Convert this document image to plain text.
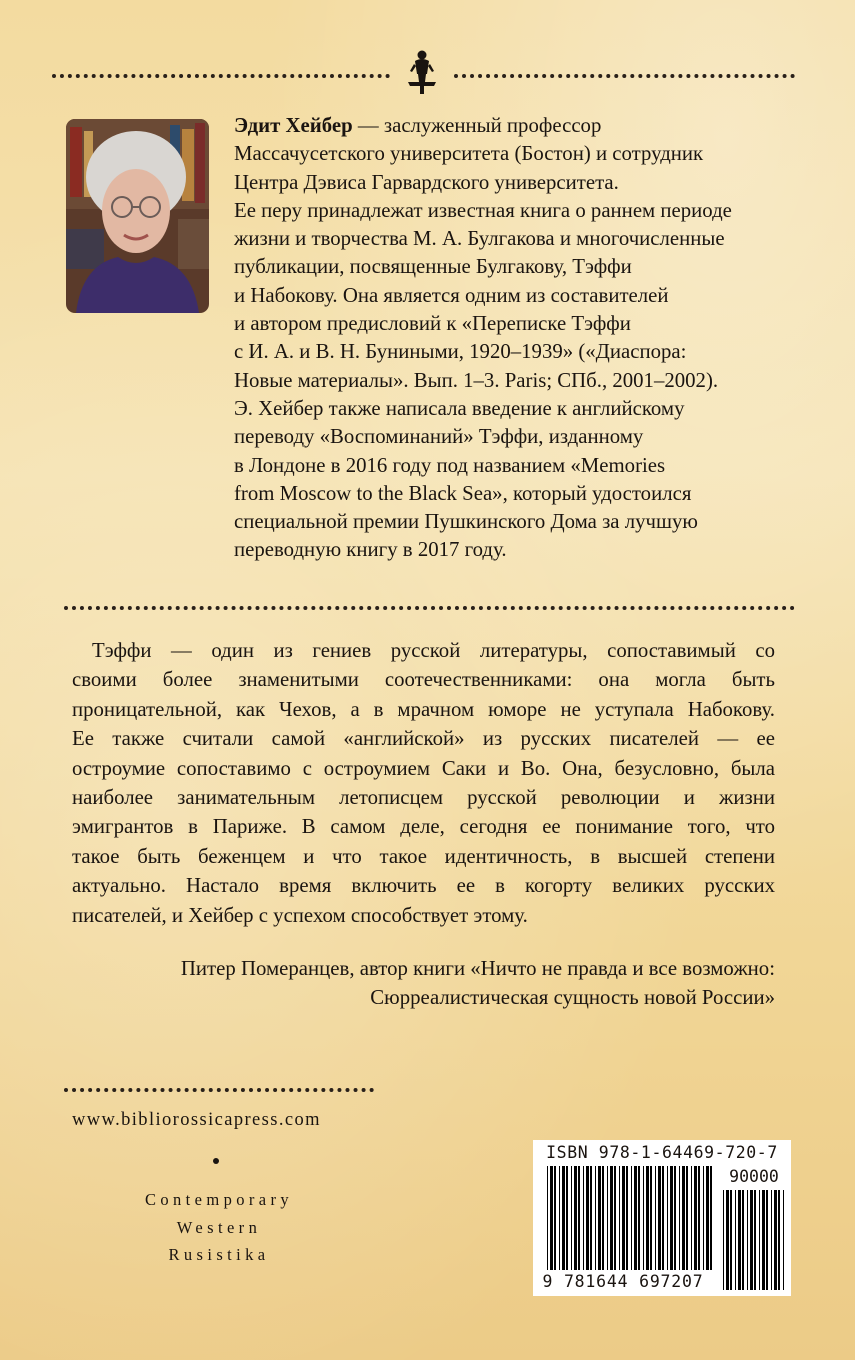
Эдит Хейбер — заслуженный профессор
Массачусетского университета (Бостон) и сотрудник
Центра Дэвиса Гарвардского университета.
Ее перу принадлежат известная книга о раннем периоде
жизни и творчества М. А. Булгакова и многочисленные
публикации, посвященные Булгакову, Тэффи
и Набокову. Она является одним из составителей
и автором предисловий к «Переписке Тэффи
с И. А. и В. Н. Буниными, 1920–1939» («Диаспора:
Новые материалы». Вып. 1–3. Paris; СПб., 2001–2002).
Э. Хейбер также написала введение к английскому
переводу «Воспоминаний» Тэффи, изданному
в Лондоне в 2016 году под названием «Memories
from Moscow to the Black Sea», который удостоился
специальной премии Пушкинского Дома за лучшую
переводную книгу в 2017 году.
Тэффи — один из гениев русской литературы, сопоставимый со
своими более знаменитыми соотечественниками: она могла быть
проницательной, как Чехов, а в мрачном юморе не уступала Набокову.
Ее также считали самой «английской» из русских писателей — ее
остроумие сопоставимо с остроумием Саки и Во. Она, безусловно, была
наиболее занимательным летописцем русской революции и жизни
эмигрантов в Париже. В самом деле, сегодня ее понимание того, что
такое быть беженцем и что такое идентичность, в высшей степени
актуально. Настало время включить ее в когорту великих русских
писателей, и Хейбер с успехом способствует этому.
Питер Померанцев, автор книги «Ничто не правда и все возможно:
Сюрреалистическая сущность новой России»
www.bibliorossicapress.com
Contemporary
Western
Rusistika
ISBN 978-1-64469-720-7
90000
9 781644 697207
